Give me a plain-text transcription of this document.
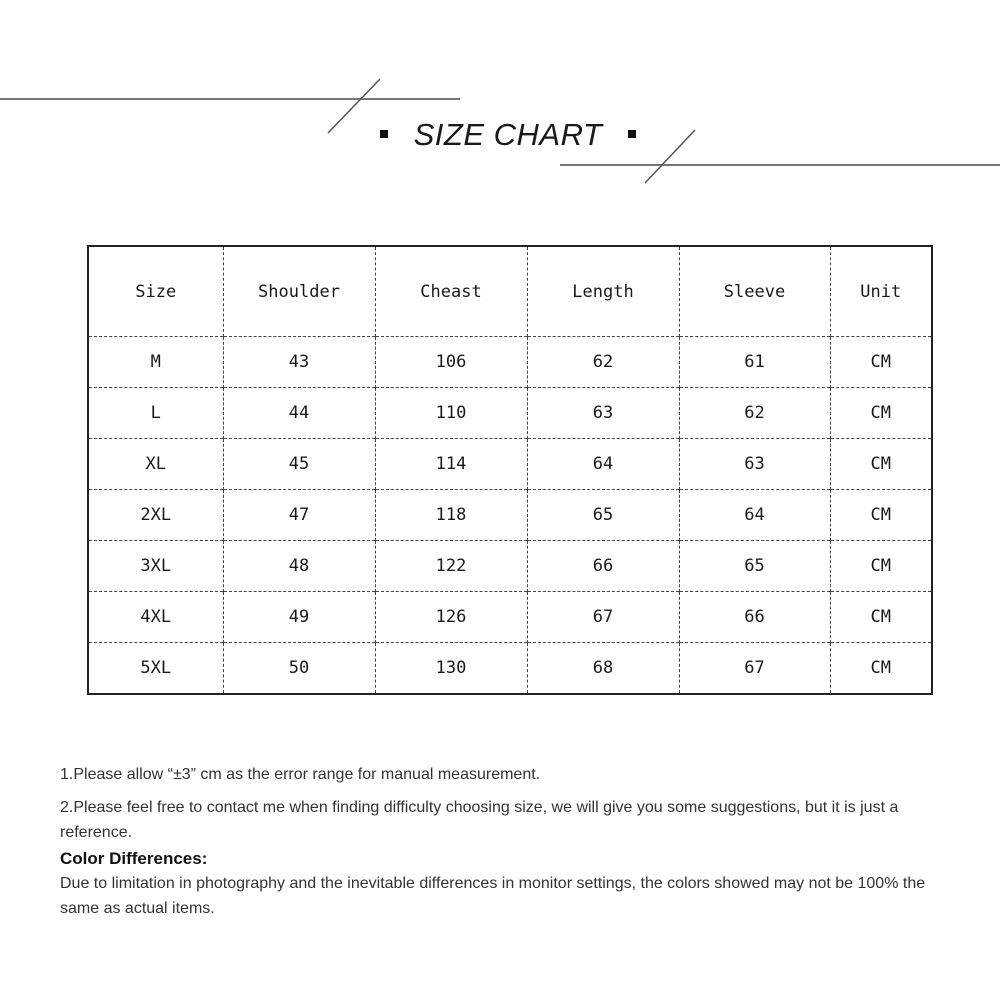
SIZE CHART
Size	Shoulder	Cheast	Length	Sleeve	Unit
M	43	106	62	61	CM
L	44	110	63	62	CM
XL	45	114	64	63	CM
2XL	47	118	65	64	CM
3XL	48	122	66	65	CM
4XL	49	126	67	66	CM
5XL	50	130	68	67	CM

1.Please allow “±3” cm as the error range for manual measurement.

2.Please feel free to contact me when finding difficulty choosing size, we will give you some suggestions, but it is just a reference.

Color Differences:

Due to limitation in photography and the inevitable differences in monitor settings, the colors showed may not be 100% the same as actual items.
